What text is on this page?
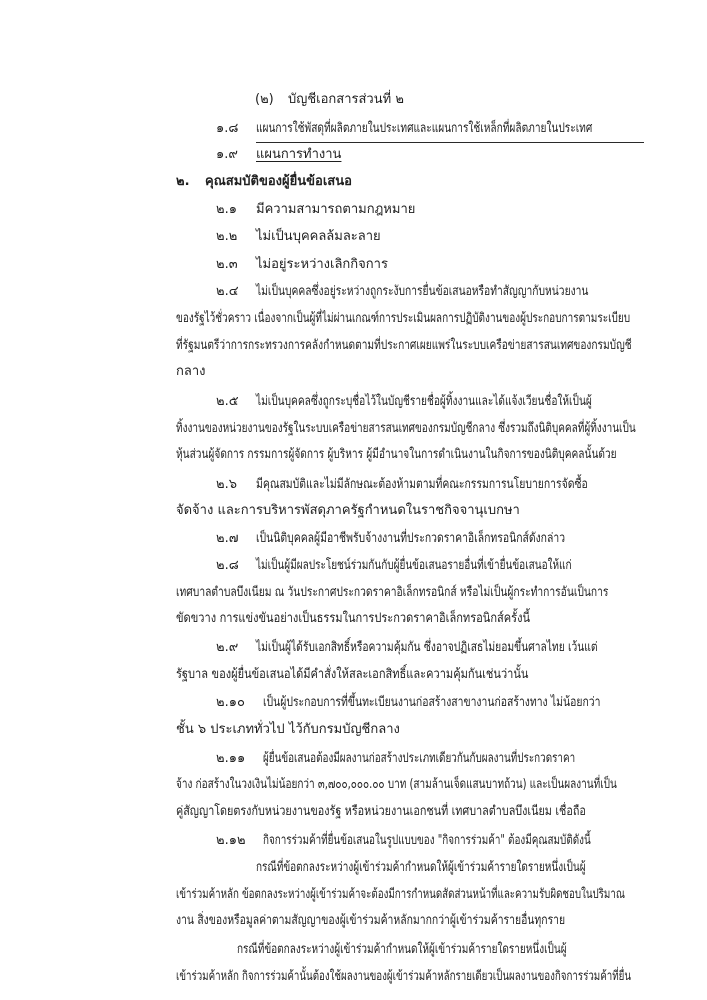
(๒) บัญชีเอกสารส่วนที่ ๒
๑.๘ แผนการใช้พัสดุที่ผลิตภายในประเทศและแผนการใช้เหล็กที่ผลิตภายในประเทศ
๑.๙ แผนการทำงาน
๒. คุณสมบัติของผู้ยื่นข้อเสนอ
๒.๑ มีความสามารถตามกฎหมาย
๒.๒ ไม่เป็นบุคคลล้มละลาย
๒.๓ ไม่อยู่ระหว่างเลิกกิจการ
๒.๔ ไม่เป็นบุคคลซึ่งอยู่ระหว่างถูกระงับการยื่นข้อเสนอหรือทำสัญญากับหน่วยงาน
ของรัฐไว้ชั่วคราว เนื่องจากเป็นผู้ที่ไม่ผ่านเกณฑ์การประเมินผลการปฏิบัติงานของผู้ประกอบการตามระเบียบ
ที่รัฐมนตรีว่าการกระทรวงการคลังกำหนดตามที่ประกาศเผยแพร่ในระบบเครือข่ายสารสนเทศของกรมบัญชี
กลาง
๒.๕ ไม่เป็นบุคคลซึ่งถูกระบุชื่อไว้ในบัญชีรายชื่อผู้ทิ้งงานและได้แจ้งเวียนชื่อให้เป็นผู้
ทิ้งงานของหน่วยงานของรัฐในระบบเครือข่ายสารสนเทศของกรมบัญชีกลาง ซึ่งรวมถึงนิติบุคคลที่ผู้ทิ้งงานเป็น
หุ้นส่วนผู้จัดการ กรรมการผู้จัดการ ผู้บริหาร ผู้มีอำนาจในการดำเนินงานในกิจการของนิติบุคคลนั้นด้วย
๒.๖ มีคุณสมบัติและไม่มีลักษณะต้องห้ามตามที่คณะกรรมการนโยบายการจัดซื้อ
จัดจ้าง และการบริหารพัสดุภาครัฐกำหนดในราชกิจจานุเบกษา
๒.๗ เป็นนิติบุคคลผู้มีอาชีพรับจ้างงานที่ประกวดราคาอิเล็กทรอนิกส์ดังกล่าว
๒.๘ ไม่เป็นผู้มีผลประโยชน์ร่วมกันกับผู้ยื่นข้อเสนอรายอื่นที่เข้ายื่นข้อเสนอให้แก่
เทศบาลตำบลบึงเนียม ณ วันประกาศประกวดราคาอิเล็กทรอนิกส์ หรือไม่เป็นผู้กระทำการอันเป็นการ
ขัดขวาง การแข่งขันอย่างเป็นธรรมในการประกวดราคาอิเล็กทรอนิกส์ครั้งนี้
๒.๙ ไม่เป็นผู้ได้รับเอกสิทธิ์หรือความคุ้มกัน ซึ่งอาจปฏิเสธไม่ยอมขึ้นศาลไทย เว้นแต่
รัฐบาล ของผู้ยื่นข้อเสนอได้มีคำสั่งให้สละเอกสิทธิ์และความคุ้มกันเช่นว่านั้น
๒.๑๐ เป็นผู้ประกอบการที่ขึ้นทะเบียนงานก่อสร้างสาขางานก่อสร้างทาง ไม่น้อยกว่า
ชั้น ๖ ประเภททั่วไป ไว้กับกรมบัญชีกลาง
๒.๑๑ ผู้ยื่นข้อเสนอต้องมีผลงานก่อสร้างประเภทเดียวกันกับผลงานที่ประกวดราคา
จ้าง ก่อสร้างในวงเงินไม่น้อยกว่า ๓,๗๐๐,๐๐๐.๐๐ บาท (สามล้านเจ็ดแสนบาทถ้วน) และเป็นผลงานที่เป็น
คู่สัญญาโดยตรงกับหน่วยงานของรัฐ หรือหน่วยงานเอกชนที่ เทศบาลตำบลบึงเนียม เชื่อถือ
๒.๑๒ กิจการร่วมค้าที่ยื่นข้อเสนอในรูปแบบของ "กิจการร่วมค้า" ต้องมีคุณสมบัติดังนี้
กรณีที่ข้อตกลงระหว่างผู้เข้าร่วมค้ากำหนดให้ผู้เข้าร่วมค้ารายใดรายหนึ่งเป็นผู้
เข้าร่วมค้าหลัก ข้อตกลงระหว่างผู้เข้าร่วมค้าจะต้องมีการกำหนดสัดส่วนหน้าที่และความรับผิดชอบในปริมาณ
งาน สิ่งของหรือมูลค่าตามสัญญาของผู้เข้าร่วมค้าหลักมากกว่าผู้เข้าร่วมค้ารายอื่นทุกราย
กรณีที่ข้อตกลงระหว่างผู้เข้าร่วมค้ากำหนดให้ผู้เข้าร่วมค้ารายใดรายหนึ่งเป็นผู้
เข้าร่วมค้าหลัก กิจการร่วมค้านั้นต้องใช้ผลงานของผู้เข้าร่วมค้าหลักรายเดียวเป็นผลงานของกิจการร่วมค้าที่ยื่น
